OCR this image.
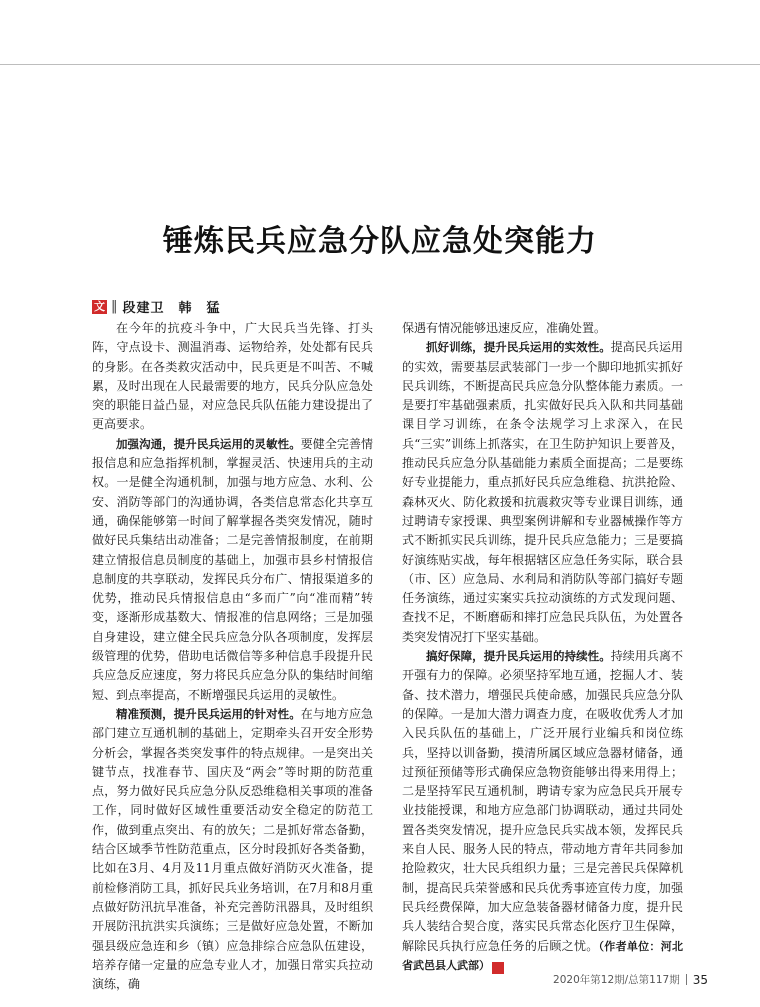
锤炼民兵应急分队应急处突能力
文 ‖ 段建卫　韩　猛

在今年的抗疫斗争中，广大民兵当先锋、打头阵，守点设卡、测温消毒、运物给养，处处都有民兵的身影。在各类救灾活动中，民兵更是不叫苦、不喊累，及时出现在人民最需要的地方，民兵分队应急处突的职能日益凸显，对应急民兵队伍能力建设提出了更高要求。

加强沟通，提升民兵运用的灵敏性。要健全完善情报信息和应急指挥机制，掌握灵活、快速用兵的主动权。一是健全沟通机制，加强与地方应急、水利、公安、消防等部门的沟通协调，各类信息常态化共享互通，确保能够第一时间了解掌握各类突发情况，随时做好民兵集结出动准备；二是完善情报制度，在前期建立情报信息员制度的基础上，加强市县乡村情报信息制度的共享联动，发挥民兵分布广、情报渠道多的优势，推动民兵情报信息由“多而广”向“准而精”转变，逐渐形成基数大、情报准的信息网络；三是加强自身建设，建立健全民兵应急分队各项制度，发挥层级管理的优势，借助电话微信等多种信息手段提升民兵应急反应速度，努力将民兵应急分队的集结时间缩短、到点率提高，不断增强民兵运用的灵敏性。

精准预测，提升民兵运用的针对性。在与地方应急部门建立互通机制的基础上，定期牵头召开安全形势分析会，掌握各类突发事件的特点规律。一是突出关键节点，找准春节、国庆及“两会”等时期的防范重点，努力做好民兵应急分队反恐维稳相关事项的准备工作，同时做好区域性重要活动安全稳定的防范工作，做到重点突出、有的放矢；二是抓好常态备勤，结合区域季节性防范重点，区分时段抓好各类备勤，比如在3月、4月及11月重点做好消防灭火准备，提前检修消防工具，抓好民兵业务培训，在7月和8月重点做好防汛抗旱准备，补充完善防汛器具，及时组织开展防汛抗洪实兵演练；三是做好应急处置，不断加强县级应急连和乡（镇）应急排综合应急队伍建设，培养存储一定量的应急专业人才，加强日常实兵拉动演练，确

保遇有情况能够迅速反应，准确处置。

抓好训练，提升民兵运用的实效性。提高民兵运用的实效，需要基层武装部门一步一个脚印地抓实抓好民兵训练，不断提高民兵应急分队整体能力素质。一是要打牢基础强素质，扎实做好民兵入队和共同基础课目学习训练，在条令法规学习上求深入，在民兵“三实”训练上抓落实，在卫生防护知识上要普及，推动民兵应急分队基础能力素质全面提高；二是要练好专业提能力，重点抓好民兵应急维稳、抗洪抢险、森林灭火、防化救援和抗震救灾等专业课目训练，通过聘请专家授课、典型案例讲解和专业器械操作等方式不断抓实民兵训练，提升民兵应急能力；三是要搞好演练贴实战，每年根据辖区应急任务实际，联合县（市、区）应急局、水利局和消防队等部门搞好专题任务演练，通过实案实兵拉动演练的方式发现问题、查找不足，不断磨砺和摔打应急民兵队伍，为处置各类突发情况打下坚实基础。

搞好保障，提升民兵运用的持续性。持续用兵离不开强有力的保障。必须坚持军地互通，挖掘人才、装备、技术潜力，增强民兵使命感，加强民兵应急分队的保障。一是加大潜力调查力度，在吸收优秀人才加入民兵队伍的基础上，广泛开展行业编兵和岗位练兵，坚持以训备勤，摸清所属区域应急器材储备，通过预征预储等形式确保应急物资能够出得来用得上；二是坚持军民互通机制，聘请专家为应急民兵开展专业技能授课，和地方应急部门协调联动，通过共同处置各类突发情况，提升应急民兵实战本领，发挥民兵来自人民、服务人民的特点，带动地方青年共同参加抢险救灾，壮大民兵组织力量；三是完善民兵保障机制，提高民兵荣誉感和民兵优秀事迹宣传力度，加强民兵经费保障，加大应急装备器材储备力度，提升民兵人装结合契合度，落实民兵常态化医疗卫生保障，解除民兵执行应急任务的后顾之忧。（作者单位：河北省武邑县人武部）	G

2020年第12期/总第117期 35
